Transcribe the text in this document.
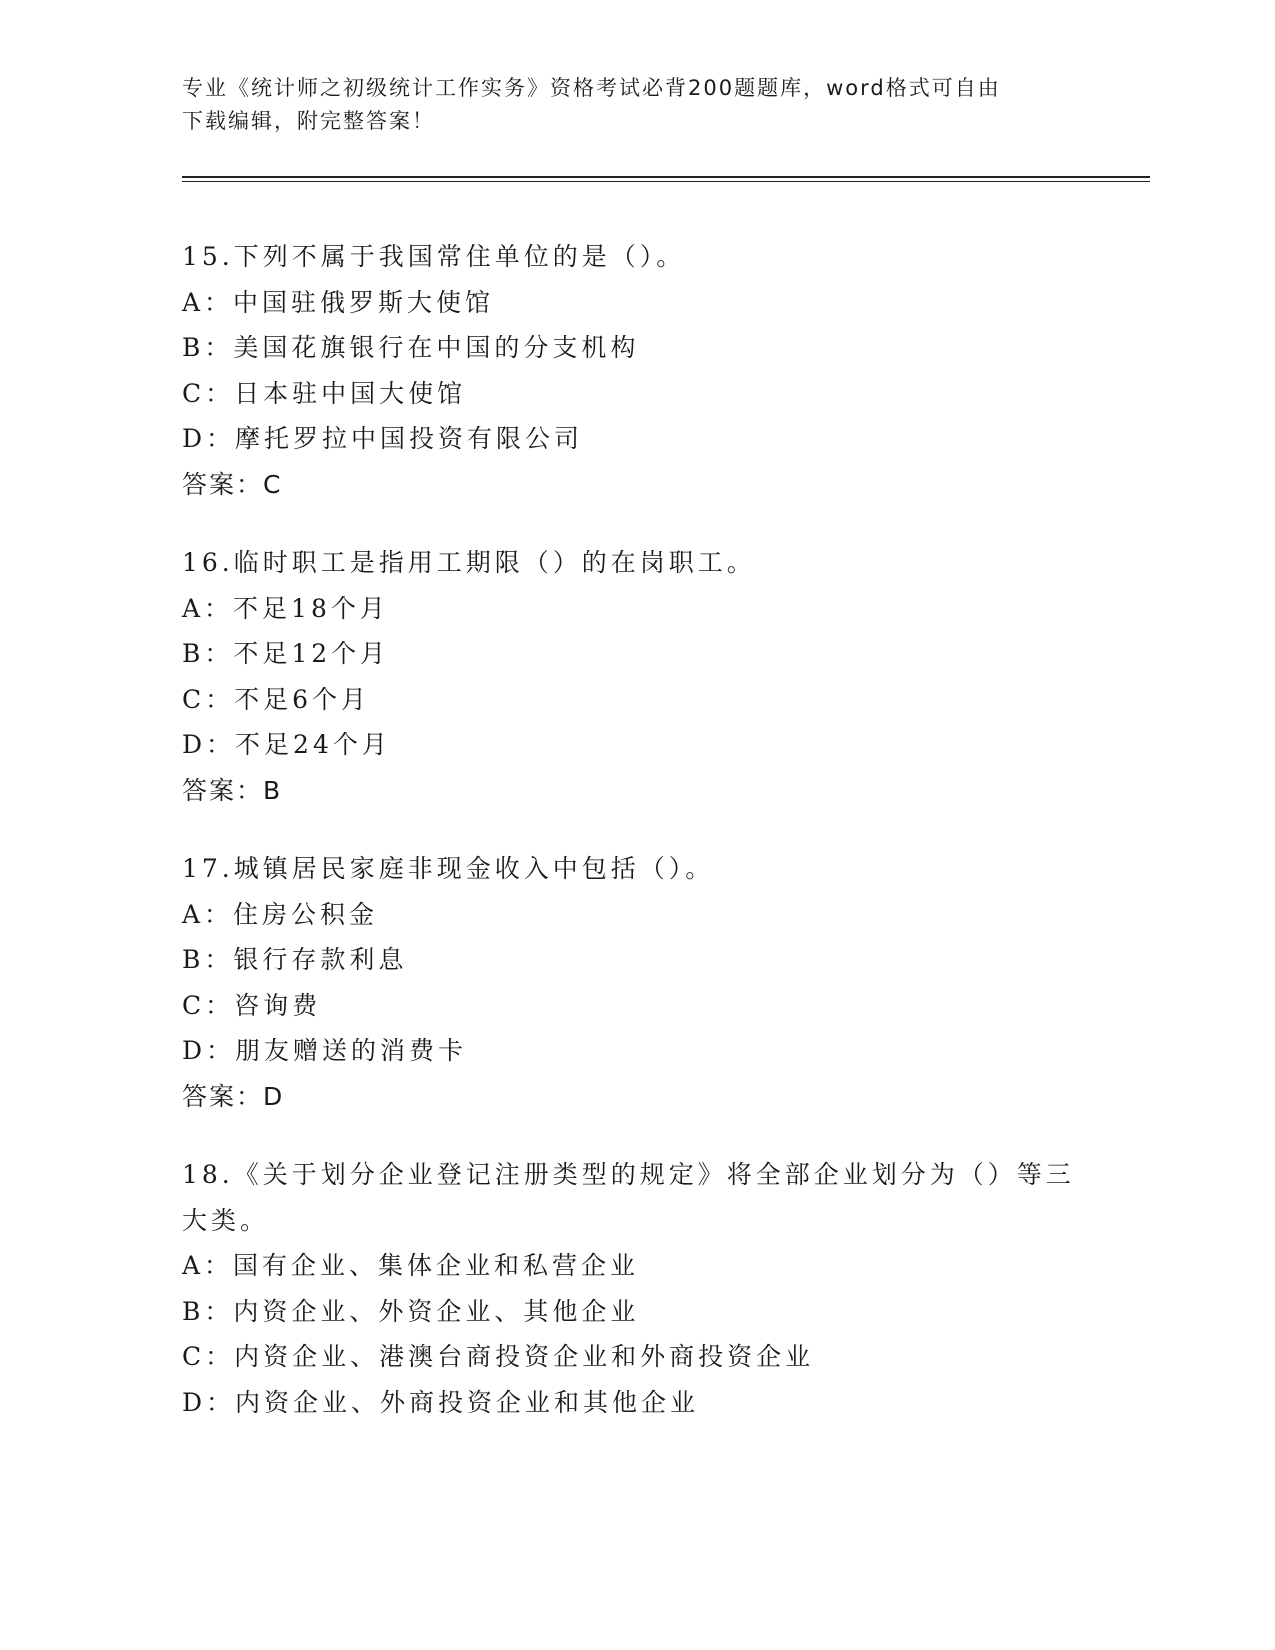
专业《统计师之初级统计工作实务》资格考试必背200题题库，word格式可自由
下载编辑，附完整答案！
15.下列不属于我国常住单位的是（）。
A：中国驻俄罗斯大使馆
B：美国花旗银行在中国的分支机构
C：日本驻中国大使馆
D：摩托罗拉中国投资有限公司
答案：C
16.临时职工是指用工期限（）的在岗职工。
A：不足18个月
B：不足12个月
C：不足6个月
D：不足24个月
答案：B
17.城镇居民家庭非现金收入中包括（）。
A：住房公积金
B：银行存款利息
C：咨询费
D：朋友赠送的消费卡
答案：D
18.《关于划分企业登记注册类型的规定》将全部企业划分为（）等三
大类。
A：国有企业、集体企业和私营企业
B：内资企业、外资企业、其他企业
C：内资企业、港澳台商投资企业和外商投资企业
D：内资企业、外商投资企业和其他企业
